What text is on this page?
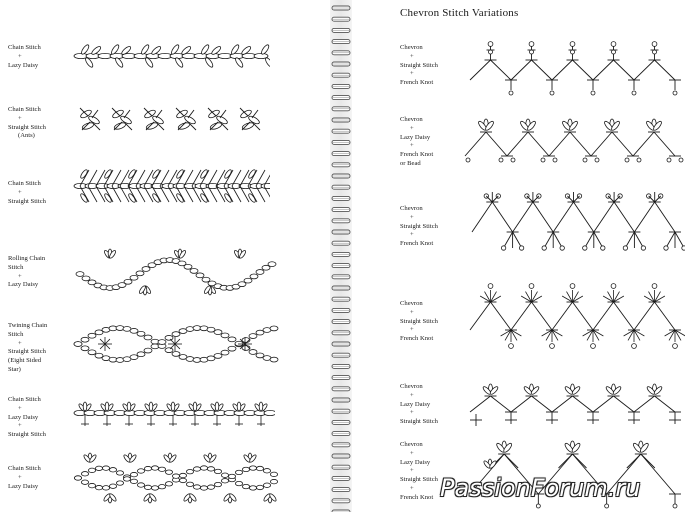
Chevron Stitch Variations
Chain Stitch
+
Lazy Daisy
Chain Stitch
+
Straight Stitch
(Ants)
Chain Stitch
+
Straight Stitch
Rolling Chain
Stitch
+
Lazy Daisy
Twining Chain
Stitch
+
Straight Stitch
(Eight Sided
Star)
Chain Stitch
+
Lazy Daisy
+
Straight Stitch
Chain Stitch
+
Lazy Daisy
Chevron
+
Straight Stitch
+
French Knot
Chevron
+
Lazy Daisy
+
French Knot
or Bead
Chevron
+
Straight Stitch
+
French Knot
Chevron
+
Straight Stitch
+
French Knot
Chevron
+
Lazy Daisy
+
Straight Stitch
Chevron
+
Lazy Daisy
+
Straight Stitch
+
French Knot PassionForum.ru
